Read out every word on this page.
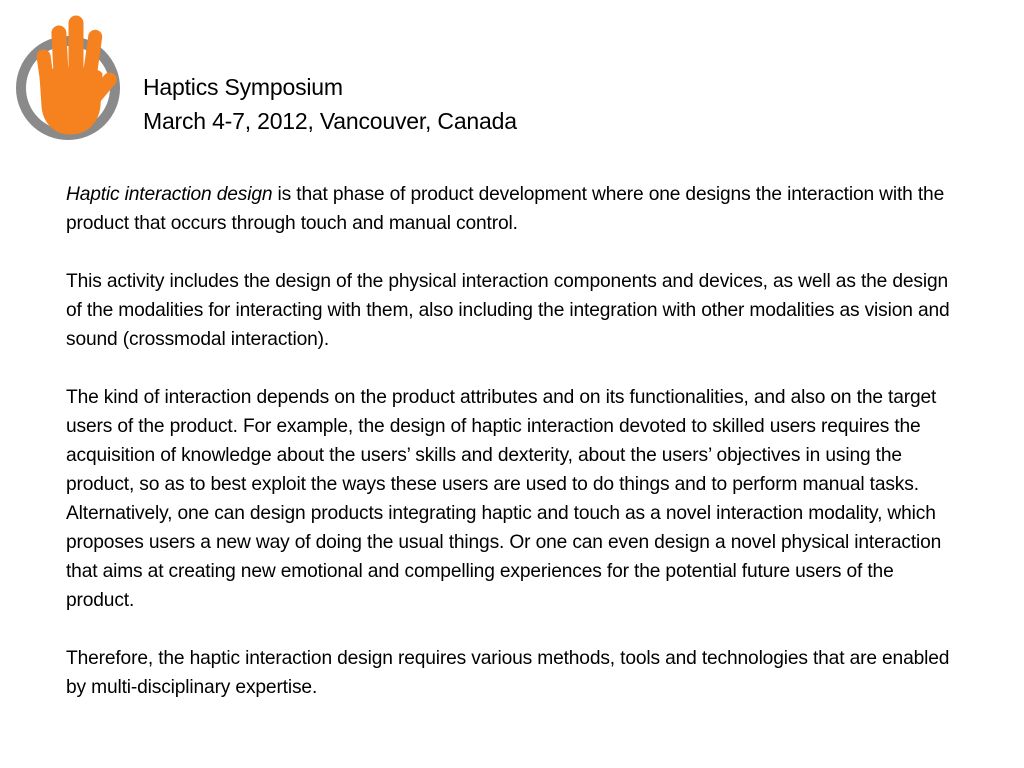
Haptics Symposium
March 4-7, 2012, Vancouver, Canada

Haptic interaction design is that phase of product development where one designs the interaction with the product that occurs through touch and manual control.

This activity includes the design of the physical interaction components and devices, as well as the design of the modalities for interacting with them, also including the integration with other modalities as vision and sound (crossmodal interaction).

The kind of interaction depends on the product attributes and on its functionalities, and also on the target users of the product. For example, the design of haptic interaction devoted to skilled users requires the acquisition of knowledge about the users’ skills and dexterity, about the users’ objectives in using the product, so as to best exploit the ways these users are used to do things and to perform manual tasks. Alternatively, one can design products integrating haptic and touch as a novel interaction modality, which proposes users a new way of doing the usual things. Or one can even design a novel physical interaction that aims at creating new emotional and compelling experiences for the potential future users of the product.

Therefore, the haptic interaction design requires various methods, tools and technologies that are enabled by multi-disciplinary expertise.
